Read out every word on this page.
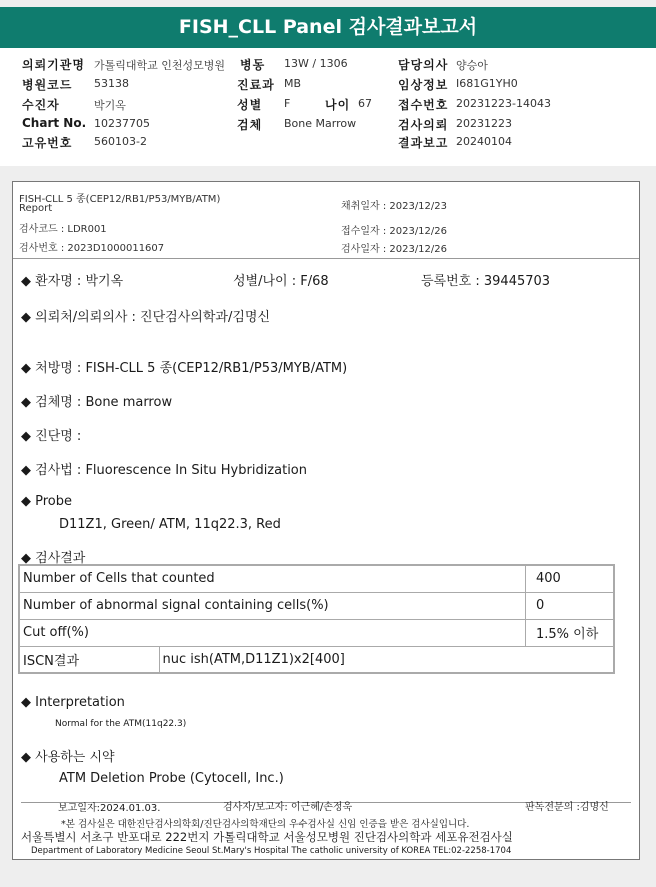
FISH_CLL Panel 검사결과보고서
의뢰기관명 가톨릭대학교 인천성모병원
병원코드 53138
수진자	박기옥
Chart No. 10237705
고유번호 560103-2
병동 13W / 1306
진료과 MB
성별 F
검체 Bone Marrow
나이 67
담당의사 양승아
임상정보 I681G1YH0
접수번호 20231223-14043
검사의뢰 20231223
결과보고 20240104
FISH-CLL 5 종(CEP12/RB1/P53/MYB/ATM)
Report
검사코드 : LDR001
검사번호 : 2023D1000011607
채취일자 : 2023/12/23
접수일자 : 2023/12/26
검사일자 : 2023/12/26
◆ 환자명 : 박기옥	성별/나이 : F/68	등록번호 : 39445703
◆ 의뢰처/의뢰의사 : 진단검사의학과/김명신
◆ 처방명 : FISH-CLL 5 종(CEP12/RB1/P53/MYB/ATM)
◆ 검체명 : Bone marrow
◆ 진단명 :
◆ 검사법 : Fluorescence In Situ Hybridization
◆ Probe
D11Z1, Green/ ATM, 11q22.3, Red
◆ 검사결과
Number of Cells that counted		400
Number of abnormal signal containing cells(%)		0
Cut off(%)		1.5% 이하
ISCN결과	nuc ish(ATM,D11Z1)x2[400]	
◆ Interpretation
Normal for the ATM(11q22.3)
◆ 사용하는 시약
ATM Deletion Probe (Cytocell, Inc.)
보고일자:2024.01.03.	검사자/보고자: 이근혜/손정욱	판독전문의 :김명신
*본 검사실은 대한진단검사의학회/진단검사의학재단의 우수검사실 신임 인증을 받은 검사실입니다.
서울특별시 서초구 반포대로 222번지 가톨릭대학교 서울성모병원 진단검사의학과 세포유전검사실
Department of Laboratory Medicine Seoul St.Mary's Hospital The catholic university of KOREA TEL:02-2258-1704
